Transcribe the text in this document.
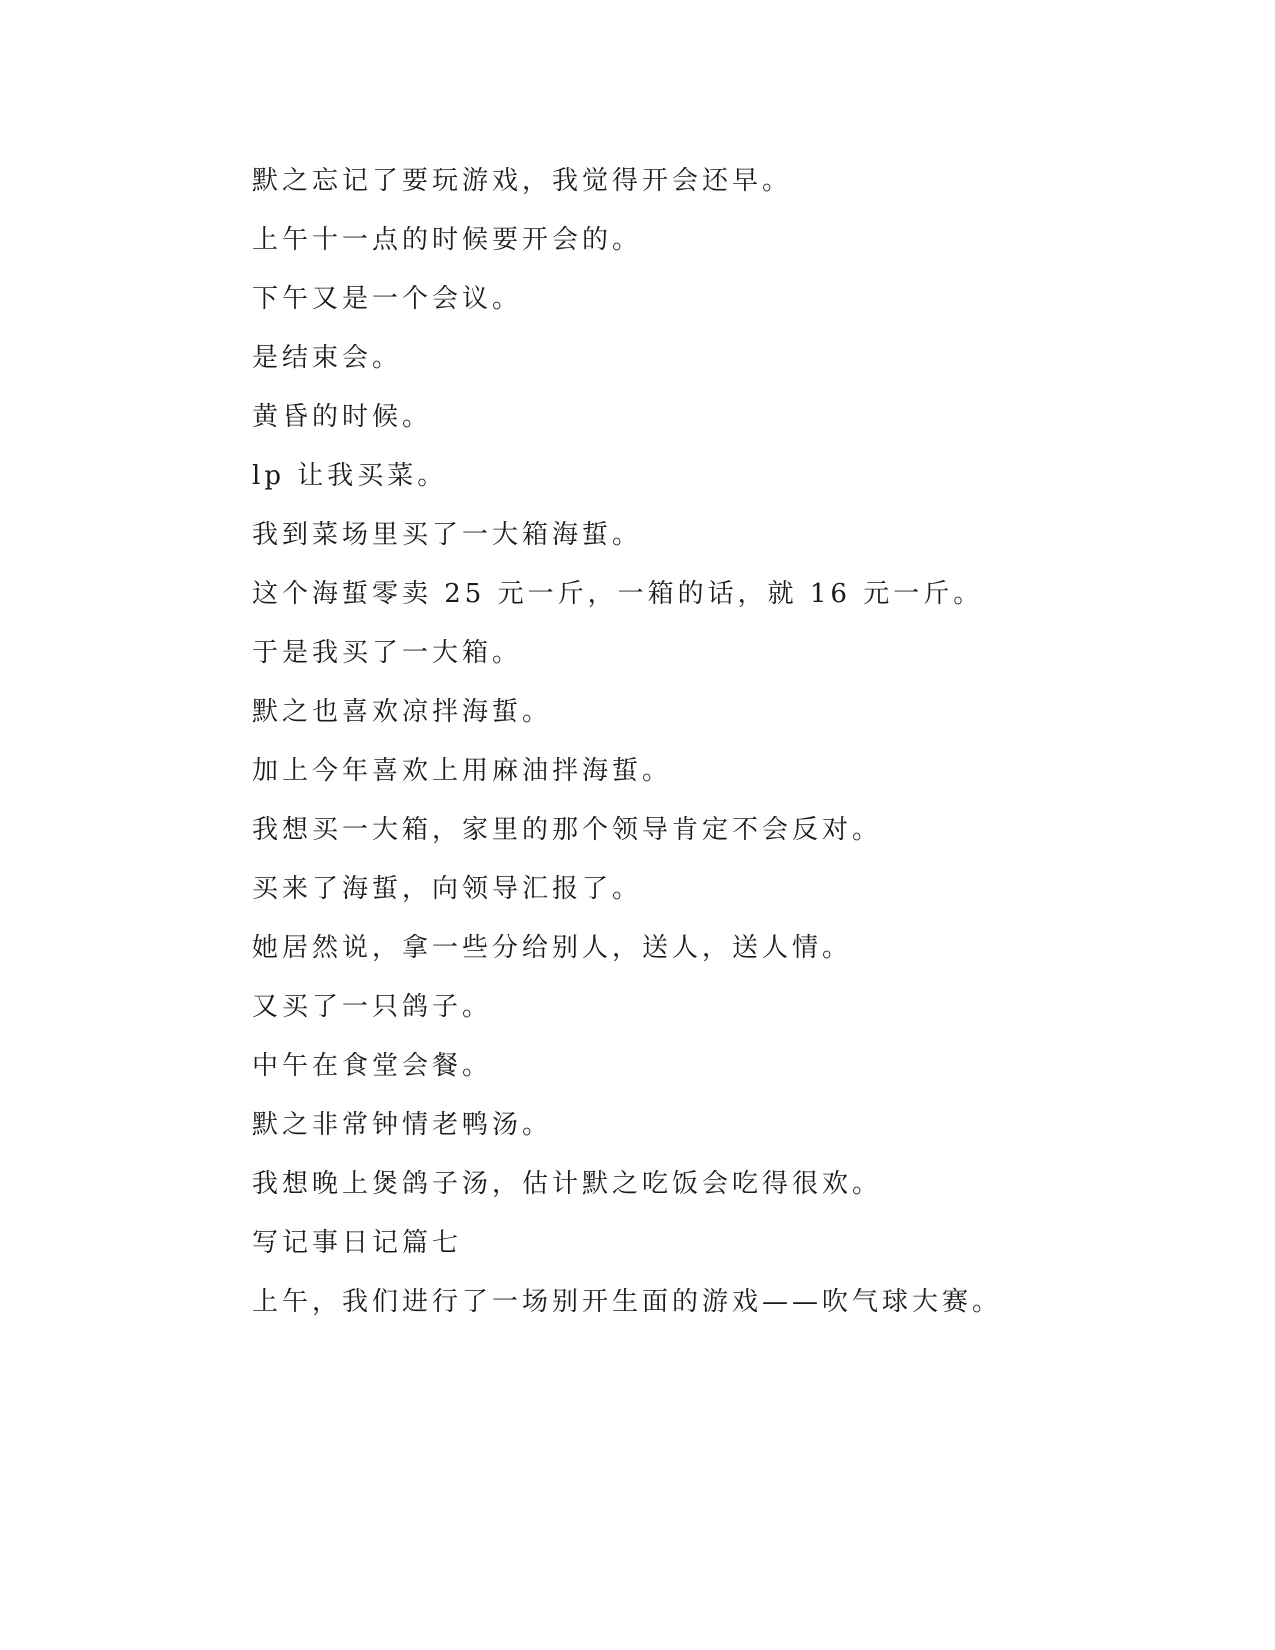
默之忘记了要玩游戏，我觉得开会还早。
上午十一点的时候要开会的。
下午又是一个会议。
是结束会。
黄昏的时候。
lp 让我买菜。
我到菜场里买了一大箱海蜇。
这个海蜇零卖 25 元一斤，一箱的话，就 16 元一斤。
于是我买了一大箱。
默之也喜欢凉拌海蜇。
加上今年喜欢上用麻油拌海蜇。
我想买一大箱，家里的那个领导肯定不会反对。
买来了海蜇，向领导汇报了。
她居然说，拿一些分给别人，送人，送人情。
又买了一只鸽子。
中午在食堂会餐。
默之非常钟情老鸭汤。
我想晚上煲鸽子汤，估计默之吃饭会吃得很欢。
写记事日记篇七
上午，我们进行了一场别开生面的游戏——吹气球大赛。
